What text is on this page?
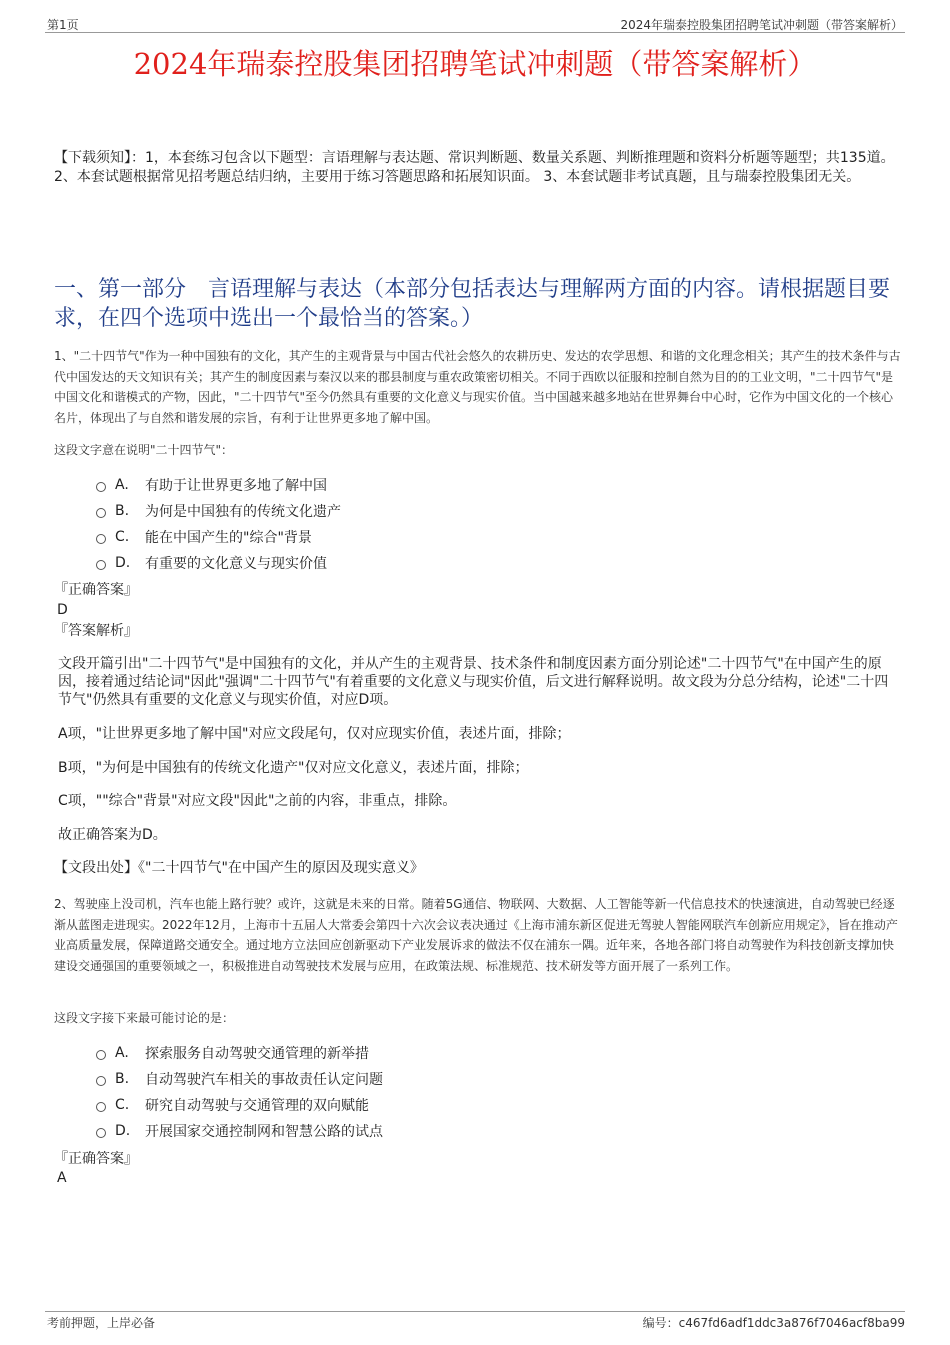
第1页	2024年瑞泰控股集团招聘笔试冲刺题（带答案解析）
2024年瑞泰控股集团招聘笔试冲刺题（带答案解析）
【下载须知】：1，本套练习包含以下题型：言语理解与表达题、常识判断题、数量关系题、判断推理题和资料分析题等题型；共135道。 2、本套试题根据常见招考题总结归纳，主要用于练习答题思路和拓展知识面。 3、本套试题非考试真题，且与瑞泰控股集团无关。
一、第一部分　言语理解与表达（本部分包括表达与理解两方面的内容。请根据题目要求，在四个选项中选出一个最恰当的答案。）
1、"二十四节气"作为一种中国独有的文化，其产生的主观背景与中国古代社会悠久的农耕历史、发达的农学思想、和谐的文化理念相关；其产生的技术条件与古代中国发达的天文知识有关；其产生的制度因素与秦汉以来的郡县制度与重农政策密切相关。不同于西欧以征服和控制自然为目的的工业文明，"二十四节气"是中国文化和谐模式的产物，因此，"二十四节气"至今仍然具有重要的文化意义与现实价值。当中国越来越多地站在世界舞台中心时，它作为中国文化的一个核心名片，体现出了与自然和谐发展的宗旨，有利于让世界更多地了解中国。
这段文字意在说明"二十四节气"：
A.	有助于让世界更多地了解中国
B.	为何是中国独有的传统文化遗产
C.	能在中国产生的"综合"背景
D.	有重要的文化意义与现实价值
『正确答案』
D
『答案解析』
文段开篇引出"二十四节气"是中国独有的文化，并从产生的主观背景、技术条件和制度因素方面分别论述"二十四节气"在中国产生的原因，接着通过结论词"因此"强调"二十四节气"有着重要的文化意义与现实价值，后文进行解释说明。故文段为分总分结构，论述"二十四节气"仍然具有重要的文化意义与现实价值，对应D项。
A项，"让世界更多地了解中国"对应文段尾句，仅对应现实价值，表述片面，排除；
B项，"为何是中国独有的传统文化遗产"仅对应文化意义，表述片面，排除；
C项，""综合"背景"对应文段"因此"之前的内容，非重点，排除。
故正确答案为D。
【文段出处】《"二十四节气"在中国产生的原因及现实意义》
2、驾驶座上没司机，汽车也能上路行驶？或许，这就是未来的日常。随着5G通信、物联网、大数据、人工智能等新一代信息技术的快速演进，自动驾驶已经逐渐从蓝图走进现实。2022年12月，上海市十五届人大常委会第四十六次会议表决通过《上海市浦东新区促进无驾驶人智能网联汽车创新应用规定》，旨在推动产业高质量发展，保障道路交通安全。通过地方立法回应创新驱动下产业发展诉求的做法不仅在浦东一隅。近年来，各地各部门将自动驾驶作为科技创新支撑加快建设交通强国的重要领域之一，积极推进自动驾驶技术发展与应用，在政策法规、标准规范、技术研发等方面开展了一系列工作。
这段文字接下来最可能讨论的是：
A.	探索服务自动驾驶交通管理的新举措
B.	自动驾驶汽车相关的事故责任认定问题
C.	研究自动驾驶与交通管理的双向赋能
D.	开展国家交通控制网和智慧公路的试点
『正确答案』
A
考前押题，上岸必备	编号：c467fd6adf1ddc3a876f7046acf8ba99
